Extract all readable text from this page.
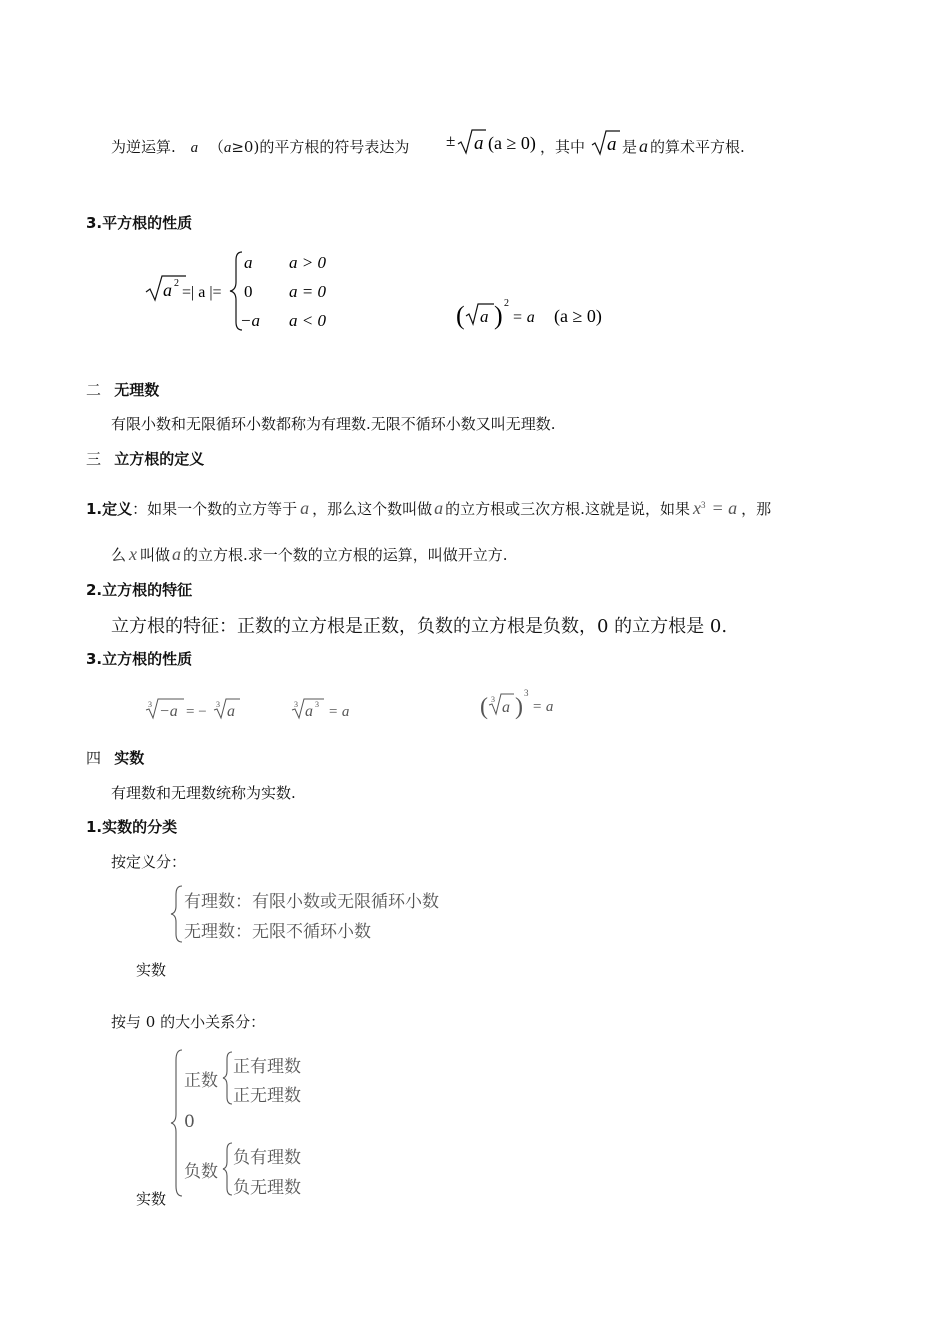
为逆运算. a （a≥0)的平方根的符号表达为 ± a (a ≥ 0) ，其中 a 是 a 的算术平方根.
3.平方根的性质
a 2
=| a |=
a a > 0
0 a = 0
−a a < 0	( a ) 2
= a (a ≥ 0)
二 无理数
有限小数和无限循环小数都称为有理数.无限不循环小数又叫无理数.
三 立方根的定义
1.定义：如果一个数的立方等于 a ，那么这个数叫做 a 的立方根或三次方根.这就是说，如果 $x^3 = a$ ，那
么 x 叫做 a 的立方根.求一个数的立方根的运算，叫做开立方.
2.立方根的特征
立方根的特征：正数的立方根是正数，负数的立方根是负数，0 的立方根是 0.
3.立方根的性质
3 −a = − 3 a	3 a 3 = a	( 3 a )
3
= a
四 实数
有理数和无理数统称为实数.
1.实数的分类
按定义分：
有理数：有限小数或无限循环小数
无理数：无限不循环小数
实数
按与 0 的大小关系分：
正数
正有理数
正无理数
0
负数
负有理数
负无理数
实数
